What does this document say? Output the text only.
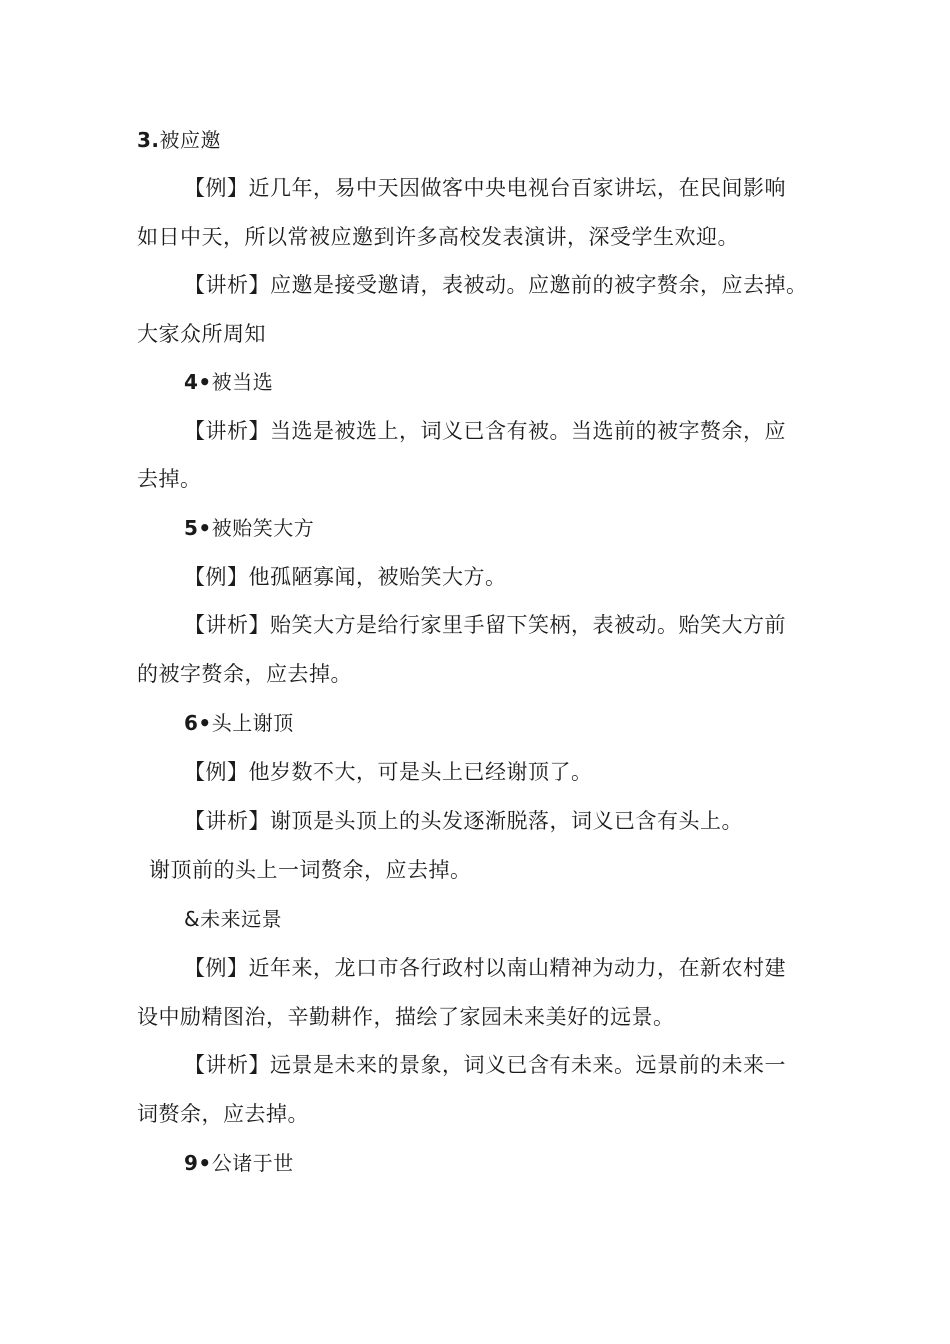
3.被应邀
【例】近几年，易中天因做客中央电视台百家讲坛，在民间影响
如日中天，所以常被应邀到许多高校发表演讲，深受学生欢迎。
【讲析】应邀是接受邀请，表被动。应邀前的被字赘余，应去掉。
大家众所周知
4•被当选
【讲析】当选是被选上，词义已含有被。当选前的被字赘余，应
去掉。
5•被贻笑大方
【例】他孤陋寡闻，被贻笑大方。
【讲析】贻笑大方是给行家里手留下笑柄，表被动。贻笑大方前
的被字赘余，应去掉。
6•头上谢顶
【例】他岁数不大，可是头上已经谢顶了。
【讲析】谢顶是头顶上的头发逐渐脱落，词义已含有头上。
谢顶前的头上一词赘余，应去掉。
&未来远景
【例】近年来，龙口市各行政村以南山精神为动力，在新农村建
设中励精图治，辛勤耕作，描绘了家园未来美好的远景。
【讲析】远景是未来的景象，词义已含有未来。远景前的未来一
词赘余，应去掉。
9•公诸于世
